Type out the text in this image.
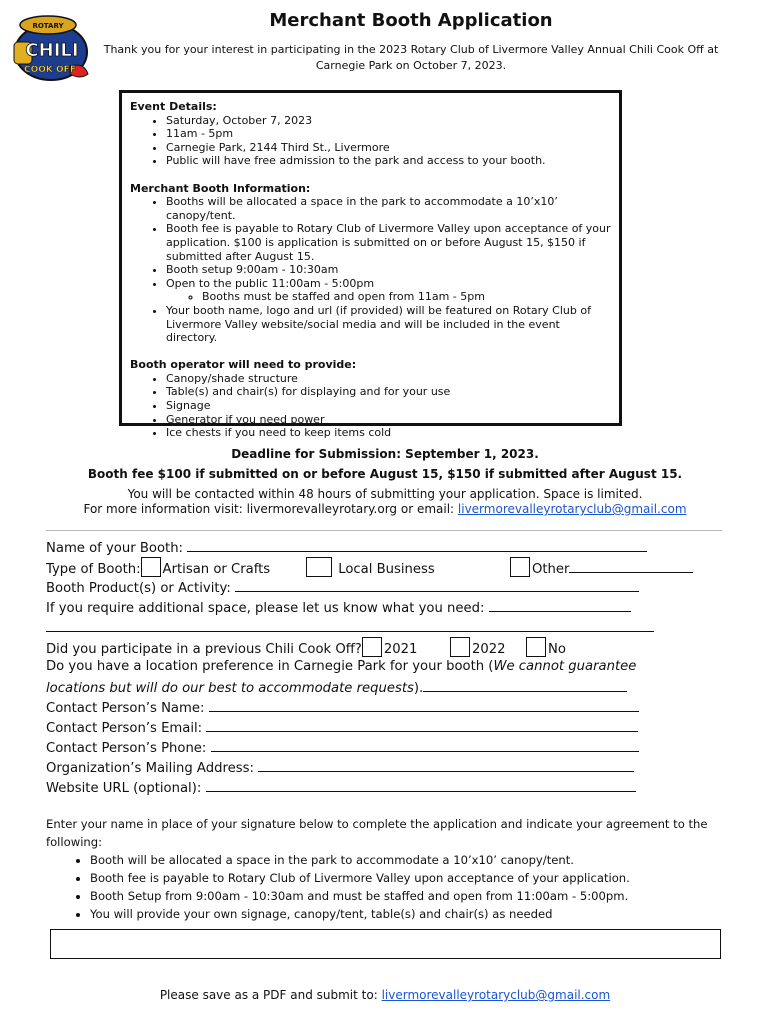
ROTARY
CHILI
COOK OFF
Merchant Booth Application
Thank you for your interest in participating in the 2023 Rotary Club of Livermore Valley Annual Chili Cook Off at Carnegie Park on October 7, 2023.
Event Details:
• Saturday, October 7, 2023
• 11am - 5pm
• Carnegie Park, 2144 Third St., Livermore
• Public will have free admission to the park and access to your booth.
Merchant Booth Information:
• Booths will be allocated a space in the park to accommodate a 10’x10’ canopy/tent.
• Booth fee is payable to Rotary Club of Livermore Valley upon acceptance of your application. $100 is application is submitted on or before August 15, $150 if submitted after August 15.
• Booth setup 9:00am - 10:30am
• Open to the public 11:00am - 5:00pm
◦ Booths must be staffed and open from 11am - 5pm
• Your booth name, logo and url (if provided) will be featured on Rotary Club of Livermore Valley website/social media and will be included in the event directory.
Booth operator will need to provide:
• Canopy/shade structure
• Table(s) and chair(s) for displaying and for your use
• Signage
• Generator if you need power
• Ice chests if you need to keep items cold
Deadline for Submission: September 1, 2023.
Booth fee $100 if submitted on or before August 15, $150 if submitted after August 15.
You will be contacted within 48 hours of submitting your application. Space is limited.
For more information visit: livermorevalleyrotary.org or email: livermorevalleyrotaryclub@gmail.com
Name of your Booth:
Type of Booth: Artisan or Crafts	Local Business	Other
Booth Product(s) or Activity:
If you require additional space, please let us know what you need:
Did you participate in a previous Chili Cook Off? 2021	2022	No
Do you have a location preference in Carnegie Park for your booth (We cannot guarantee
locations but will do our best to accommodate requests).
Contact Person’s Name:
Contact Person’s Email:
Contact Person’s Phone:
Organization’s Mailing Address:
Website URL (optional):
Enter your name in place of your signature below to complete the application and indicate your agreement to the following:
• Booth will be allocated a space in the park to accommodate a 10’x10’ canopy/tent.
• Booth fee is payable to Rotary Club of Livermore Valley upon acceptance of your application.
• Booth Setup from 9:00am - 10:30am and must be staffed and open from 11:00am - 5:00pm.
• You will provide your own signage, canopy/tent, table(s) and chair(s) as needed
Please save as a PDF and submit to: livermorevalleyrotaryclub@gmail.com
